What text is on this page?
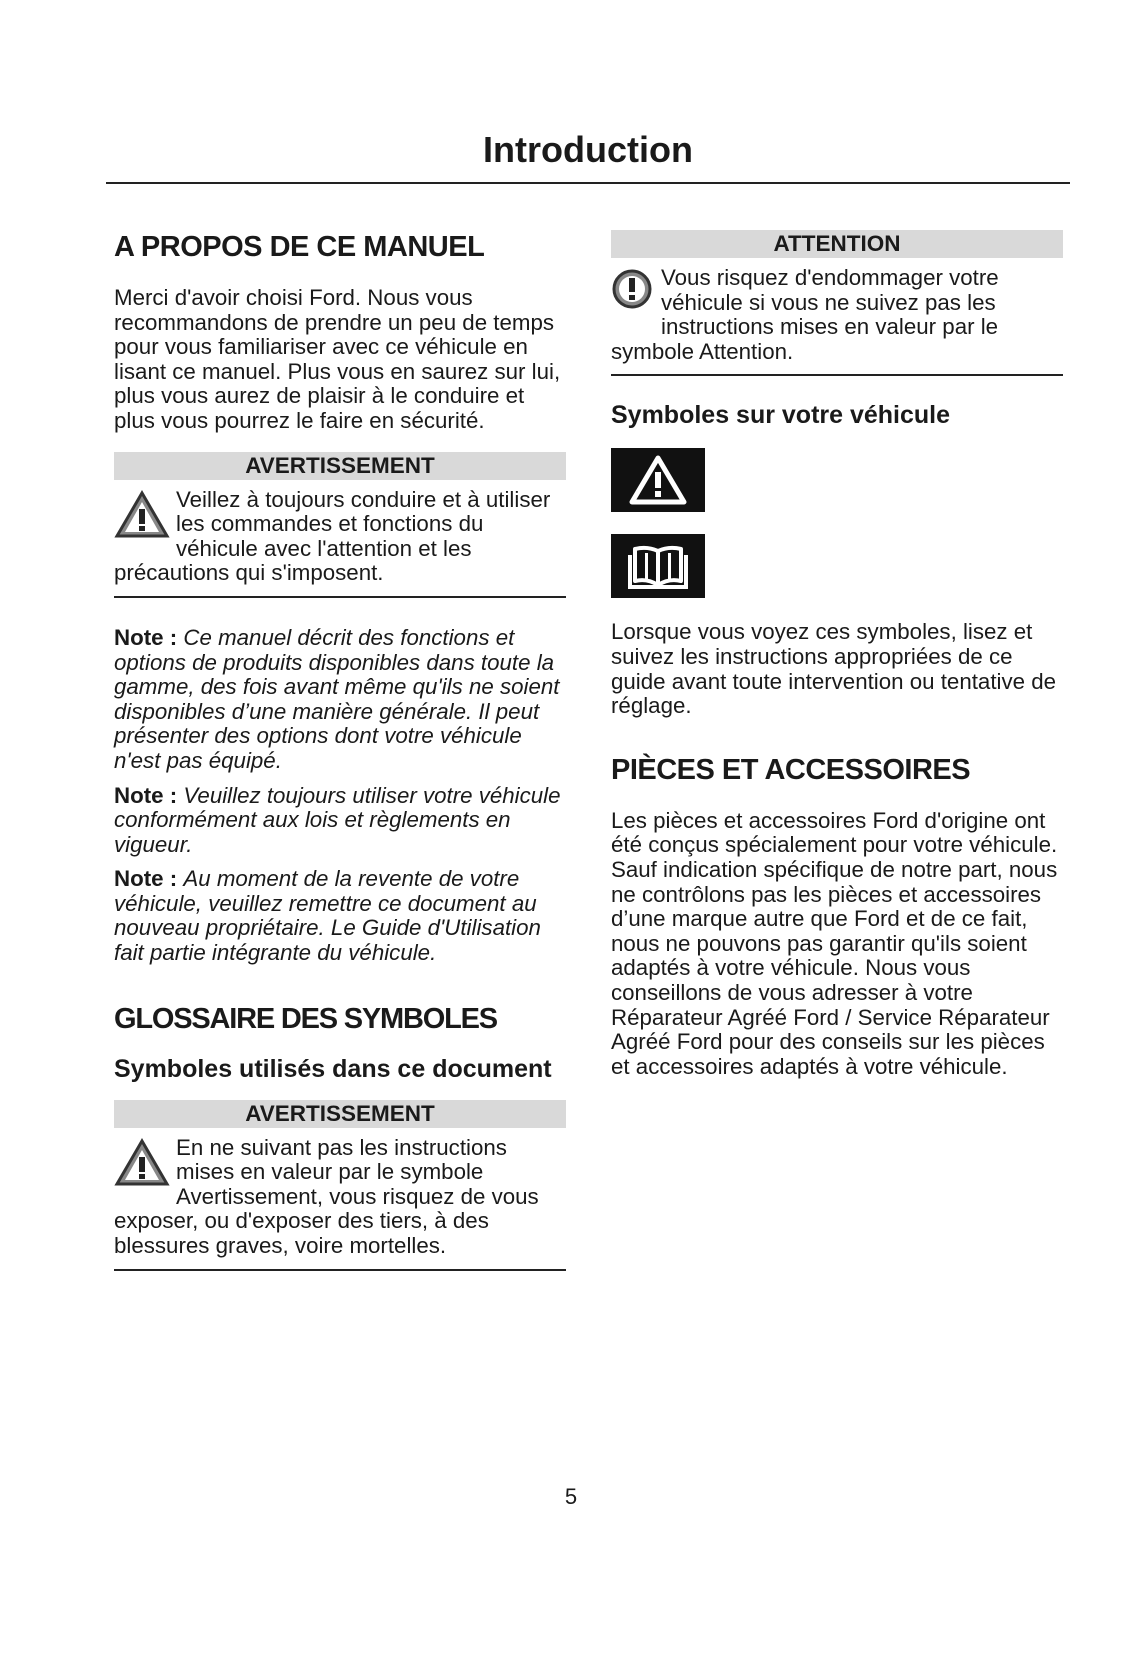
Introduction
A PROPOS DE CE MANUEL

Merci d'avoir choisi Ford. Nous vous recommandons de prendre un peu de temps pour vous familiariser avec ce véhicule en lisant ce manuel. Plus vous en saurez sur lui, plus vous aurez de plaisir à le conduire et plus vous pourrez le faire en sécurité.

AVERTISSEMENT
Veillez à toujours conduire et à utiliser les commandes et fonctions du véhicule avec l'attention et les précautions qui s'imposent.

Note : Ce manuel décrit des fonctions et options de produits disponibles dans toute la gamme, des fois avant même qu'ils ne soient disponibles d’une manière générale. Il peut présenter des options dont votre véhicule n'est pas équipé.

Note : Veuillez toujours utiliser votre véhicule conformément aux lois et règlements en vigueur.

Note : Au moment de la revente de votre véhicule, veuillez remettre ce document au nouveau propriétaire. Le Guide d'Utilisation fait partie intégrante du véhicule.

GLOSSAIRE DES SYMBOLES
Symboles utilisés dans ce document
AVERTISSEMENT
En ne suivant pas les instructions mises en valeur par le symbole Avertissement, vous risquez de vous exposer, ou d'exposer des tiers, à des blessures graves, voire mortelles.
ATTENTION
Vous risquez d'endommager votre véhicule si vous ne suivez pas les instructions mises en valeur par le symbole Attention.
Symboles sur votre véhicule

Lorsque vous voyez ces symboles, lisez et suivez les instructions appropriées de ce guide avant toute intervention ou tentative de réglage.

PIÈCES ET ACCESSOIRES

Les pièces et accessoires Ford d'origine ont été conçus spécialement pour votre véhicule. Sauf indication spécifique de notre part, nous ne contrôlons pas les pièces et accessoires d’une marque autre que Ford et de ce fait, nous ne pouvons pas garantir qu'ils soient adaptés à votre véhicule. Nous vous conseillons de vous adresser à votre Réparateur Agréé Ford / Service Réparateur Agréé Ford pour des conseils sur les pièces et accessoires adaptés à votre véhicule.

5
